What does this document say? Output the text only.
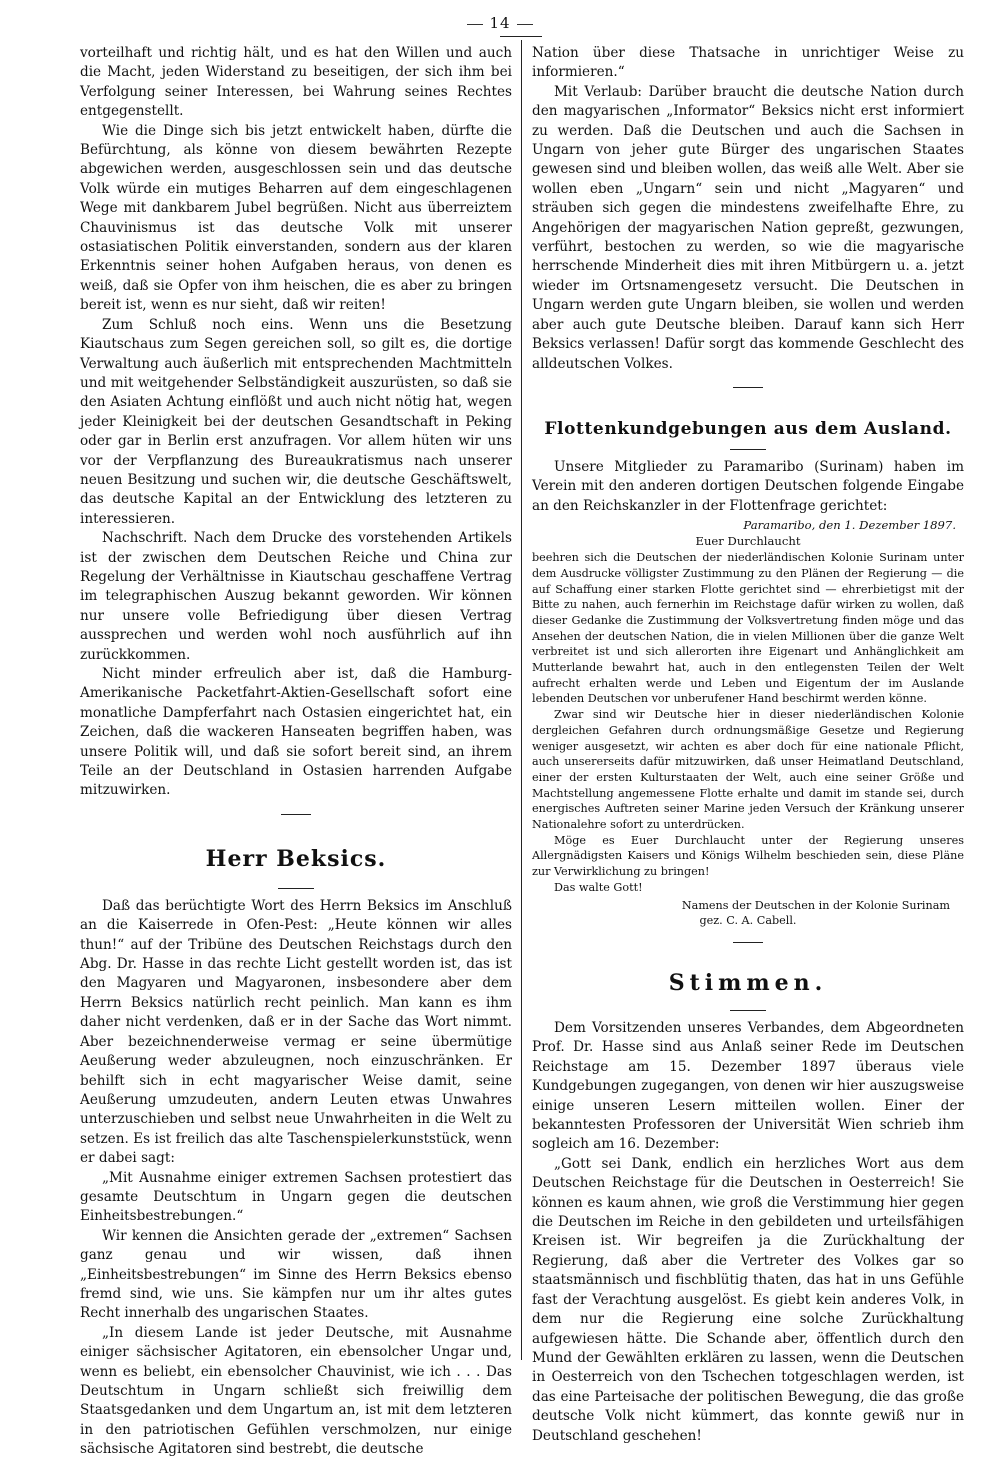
14

vorteilhaft und richtig hält, und es hat den Willen und auch die Macht, jeden Widerstand zu beseitigen, der sich ihm bei Verfolgung seiner Interessen, bei Wahrung seines Rechtes entgegenstellt.

Wie die Dinge sich bis jetzt entwickelt haben, dürfte die Befürchtung, als könne von diesem bewährten Rezepte abgewichen werden, ausgeschlossen sein und das deutsche Volk würde ein mutiges Beharren auf dem eingeschlagenen Wege mit dankbarem Jubel begrüßen. Nicht aus überreiztem Chauvinismus ist das deutsche Volk mit unserer ostasiatischen Politik einverstanden, sondern aus der klaren Erkenntnis seiner hohen Aufgaben heraus, von denen es weiß, daß sie Opfer von ihm heischen, die es aber zu bringen bereit ist, wenn es nur sieht, daß wir reiten!

Zum Schluß noch eins. Wenn uns die Besetzung Kiautschaus zum Segen gereichen soll, so gilt es, die dortige Verwaltung auch äußerlich mit entsprechenden Machtmitteln und mit weitgehender Selbständigkeit auszurüsten, so daß sie den Asiaten Achtung einflößt und auch nicht nötig hat, wegen jeder Kleinigkeit bei der deutschen Gesandtschaft in Peking oder gar in Berlin erst anzufragen. Vor allem hüten wir uns vor der Verpflanzung des Bureaukratismus nach unserer neuen Besitzung und suchen wir, die deutsche Geschäftswelt, das deutsche Kapital an der Entwicklung des letzteren zu interessieren.

Nachschrift. Nach dem Drucke des vorstehenden Artikels ist der zwischen dem Deutschen Reiche und China zur Regelung der Verhältnisse in Kiautschau geschaffene Vertrag im telegraphischen Auszug bekannt geworden. Wir können nur unsere volle Befriedigung über diesen Vertrag aussprechen und werden wohl noch ausführlich auf ihn zurückkommen.

Nicht minder erfreulich aber ist, daß die Hamburg-Amerikanische Packetfahrt-Aktien-Gesellschaft sofort eine monatliche Dampferfahrt nach Ostasien eingerichtet hat, ein Zeichen, daß die wackeren Hanseaten begriffen haben, was unsere Politik will, und daß sie sofort bereit sind, an ihrem Teile an der Deutschland in Ostasien harrenden Aufgabe mitzuwirken.

Herr Beksics.

Daß das berüchtigte Wort des Herrn Beksics im Anschluß an die Kaiserrede in Ofen-Pest: „Heute können wir alles thun!“ auf der Tribüne des Deutschen Reichstags durch den Abg. Dr. Hasse in das rechte Licht gestellt worden ist, das ist den Magyaren und Magyaronen, insbesondere aber dem Herrn Beksics natürlich recht peinlich. Man kann es ihm daher nicht verdenken, daß er in der Sache das Wort nimmt. Aber bezeichnenderweise vermag er seine übermütige Aeußerung weder abzuleugnen, noch einzuschränken. Er behilft sich in echt magyarischer Weise damit, seine Aeußerung umzudeuten, andern Leuten etwas Unwahres unterzuschieben und selbst neue Unwahrheiten in die Welt zu setzen. Es ist freilich das alte Taschenspielerkunststück, wenn er dabei sagt:

„Mit Ausnahme einiger extremen Sachsen protestiert das gesamte Deutschtum in Ungarn gegen die deutschen Einheitsbestrebungen.“

Wir kennen die Ansichten gerade der „extremen“ Sachsen ganz genau und wir wissen, daß ihnen „Einheitsbestrebungen“ im Sinne des Herrn Beksics ebenso fremd sind, wie uns. Sie kämpfen nur um ihr altes gutes Recht innerhalb des ungarischen Staates.

„In diesem Lande ist jeder Deutsche, mit Ausnahme einiger sächsischer Agitatoren, ein ebensolcher Ungar und, wenn es beliebt, ein ebensolcher Chauvinist, wie ich . . . Das Deutschtum in Ungarn schließt sich freiwillig dem Staatsgedanken und dem Ungartum an, ist mit dem letzteren in den patriotischen Gefühlen verschmolzen, nur einige sächsische Agitatoren sind bestrebt, die deutsche

Nation über diese Thatsache in unrichtiger Weise zu informieren.“

Mit Verlaub: Darüber braucht die deutsche Nation durch den magyarischen „Informator“ Beksics nicht erst informiert zu werden. Daß die Deutschen und auch die Sachsen in Ungarn von jeher gute Bürger des ungarischen Staates gewesen sind und bleiben wollen, das weiß alle Welt. Aber sie wollen eben „Ungarn“ sein und nicht „Magyaren“ und sträuben sich gegen die mindestens zweifelhafte Ehre, zu Angehörigen der magyarischen Nation gepreßt, gezwungen, verführt, bestochen zu werden, so wie die magyarische herrschende Minderheit dies mit ihren Mitbürgern u. a. jetzt wieder im Ortsnamengesetz versucht. Die Deutschen in Ungarn werden gute Ungarn bleiben, sie wollen und werden aber auch gute Deutsche bleiben. Darauf kann sich Herr Beksics verlassen! Dafür sorgt das kommende Geschlecht des alldeutschen Volkes.

Flottenkundgebungen aus dem Ausland.

Unsere Mitglieder zu Paramaribo (Surinam) haben im Verein mit den anderen dortigen Deutschen folgende Eingabe an den Reichskanzler in der Flottenfrage gerichtet:

Paramaribo, den 1. Dezember 1897.
Euer Durchlaucht

beehren sich die Deutschen der niederländischen Kolonie Surinam unter dem Ausdrucke völligster Zustimmung zu den Plänen der Regierung — die auf Schaffung einer starken Flotte gerichtet sind — ehrerbietigst mit der Bitte zu nahen, auch fernerhin im Reichstage dafür wirken zu wollen, daß dieser Gedanke die Zustimmung der Volksvertretung finden möge und das Ansehen der deutschen Nation, die in vielen Millionen über die ganze Welt verbreitet ist und sich allerorten ihre Eigenart und Anhänglichkeit am Mutterlande bewahrt hat, auch in den entlegensten Teilen der Welt aufrecht erhalten werde und Leben und Eigentum der im Auslande lebenden Deutschen vor unberufener Hand beschirmt werden könne.

Zwar sind wir Deutsche hier in dieser niederländischen Kolonie dergleichen Gefahren durch ordnungsmäßige Gesetze und Regierung weniger ausgesetzt, wir achten es aber doch für eine nationale Pflicht, auch unsererseits dafür mitzuwirken, daß unser Heimatland Deutschland, einer der ersten Kulturstaaten der Welt, auch eine seiner Größe und Machtstellung angemessene Flotte erhalte und damit im stande sei, durch energisches Auftreten seiner Marine jeden Versuch der Kränkung unserer Nationalehre sofort zu unterdrücken.

Möge es Euer Durchlaucht unter der Regierung unseres Allergnädigsten Kaisers und Königs Wilhelm beschieden sein, diese Pläne zur Verwirklichung zu bringen!

Das walte Gott!

Namens der Deutschen in der Kolonie Surinam
gez. C. A. Cabell.
Stimmen.

Dem Vorsitzenden unseres Verbandes, dem Abgeordneten Prof. Dr. Hasse sind aus Anlaß seiner Rede im Deutschen Reichstage am 15. Dezember 1897 überaus viele Kundgebungen zugegangen, von denen wir hier auszugsweise einige unseren Lesern mitteilen wollen. Einer der bekanntesten Professoren der Universität Wien schrieb ihm sogleich am 16. Dezember:

„Gott sei Dank, endlich ein herzliches Wort aus dem Deutschen Reichstage für die Deutschen in Oesterreich! Sie können es kaum ahnen, wie groß die Verstimmung hier gegen die Deutschen im Reiche in den gebildeten und urteilsfähigen Kreisen ist. Wir begreifen ja die Zurückhaltung der Regierung, daß aber die Vertreter des Volkes gar so staatsmännisch und fischblütig thaten, das hat in uns Gefühle fast der Verachtung ausgelöst. Es giebt kein anderes Volk, in dem nur die Regierung eine solche Zurückhaltung aufgewiesen hätte. Die Schande aber, öffentlich durch den Mund der Gewählten erklären zu lassen, wenn die Deutschen in Oesterreich von den Tschechen totgeschlagen werden, ist das eine Parteisache der politischen Bewegung, die das große deutsche Volk nicht kümmert, das konnte gewiß nur in Deutschland geschehen!
